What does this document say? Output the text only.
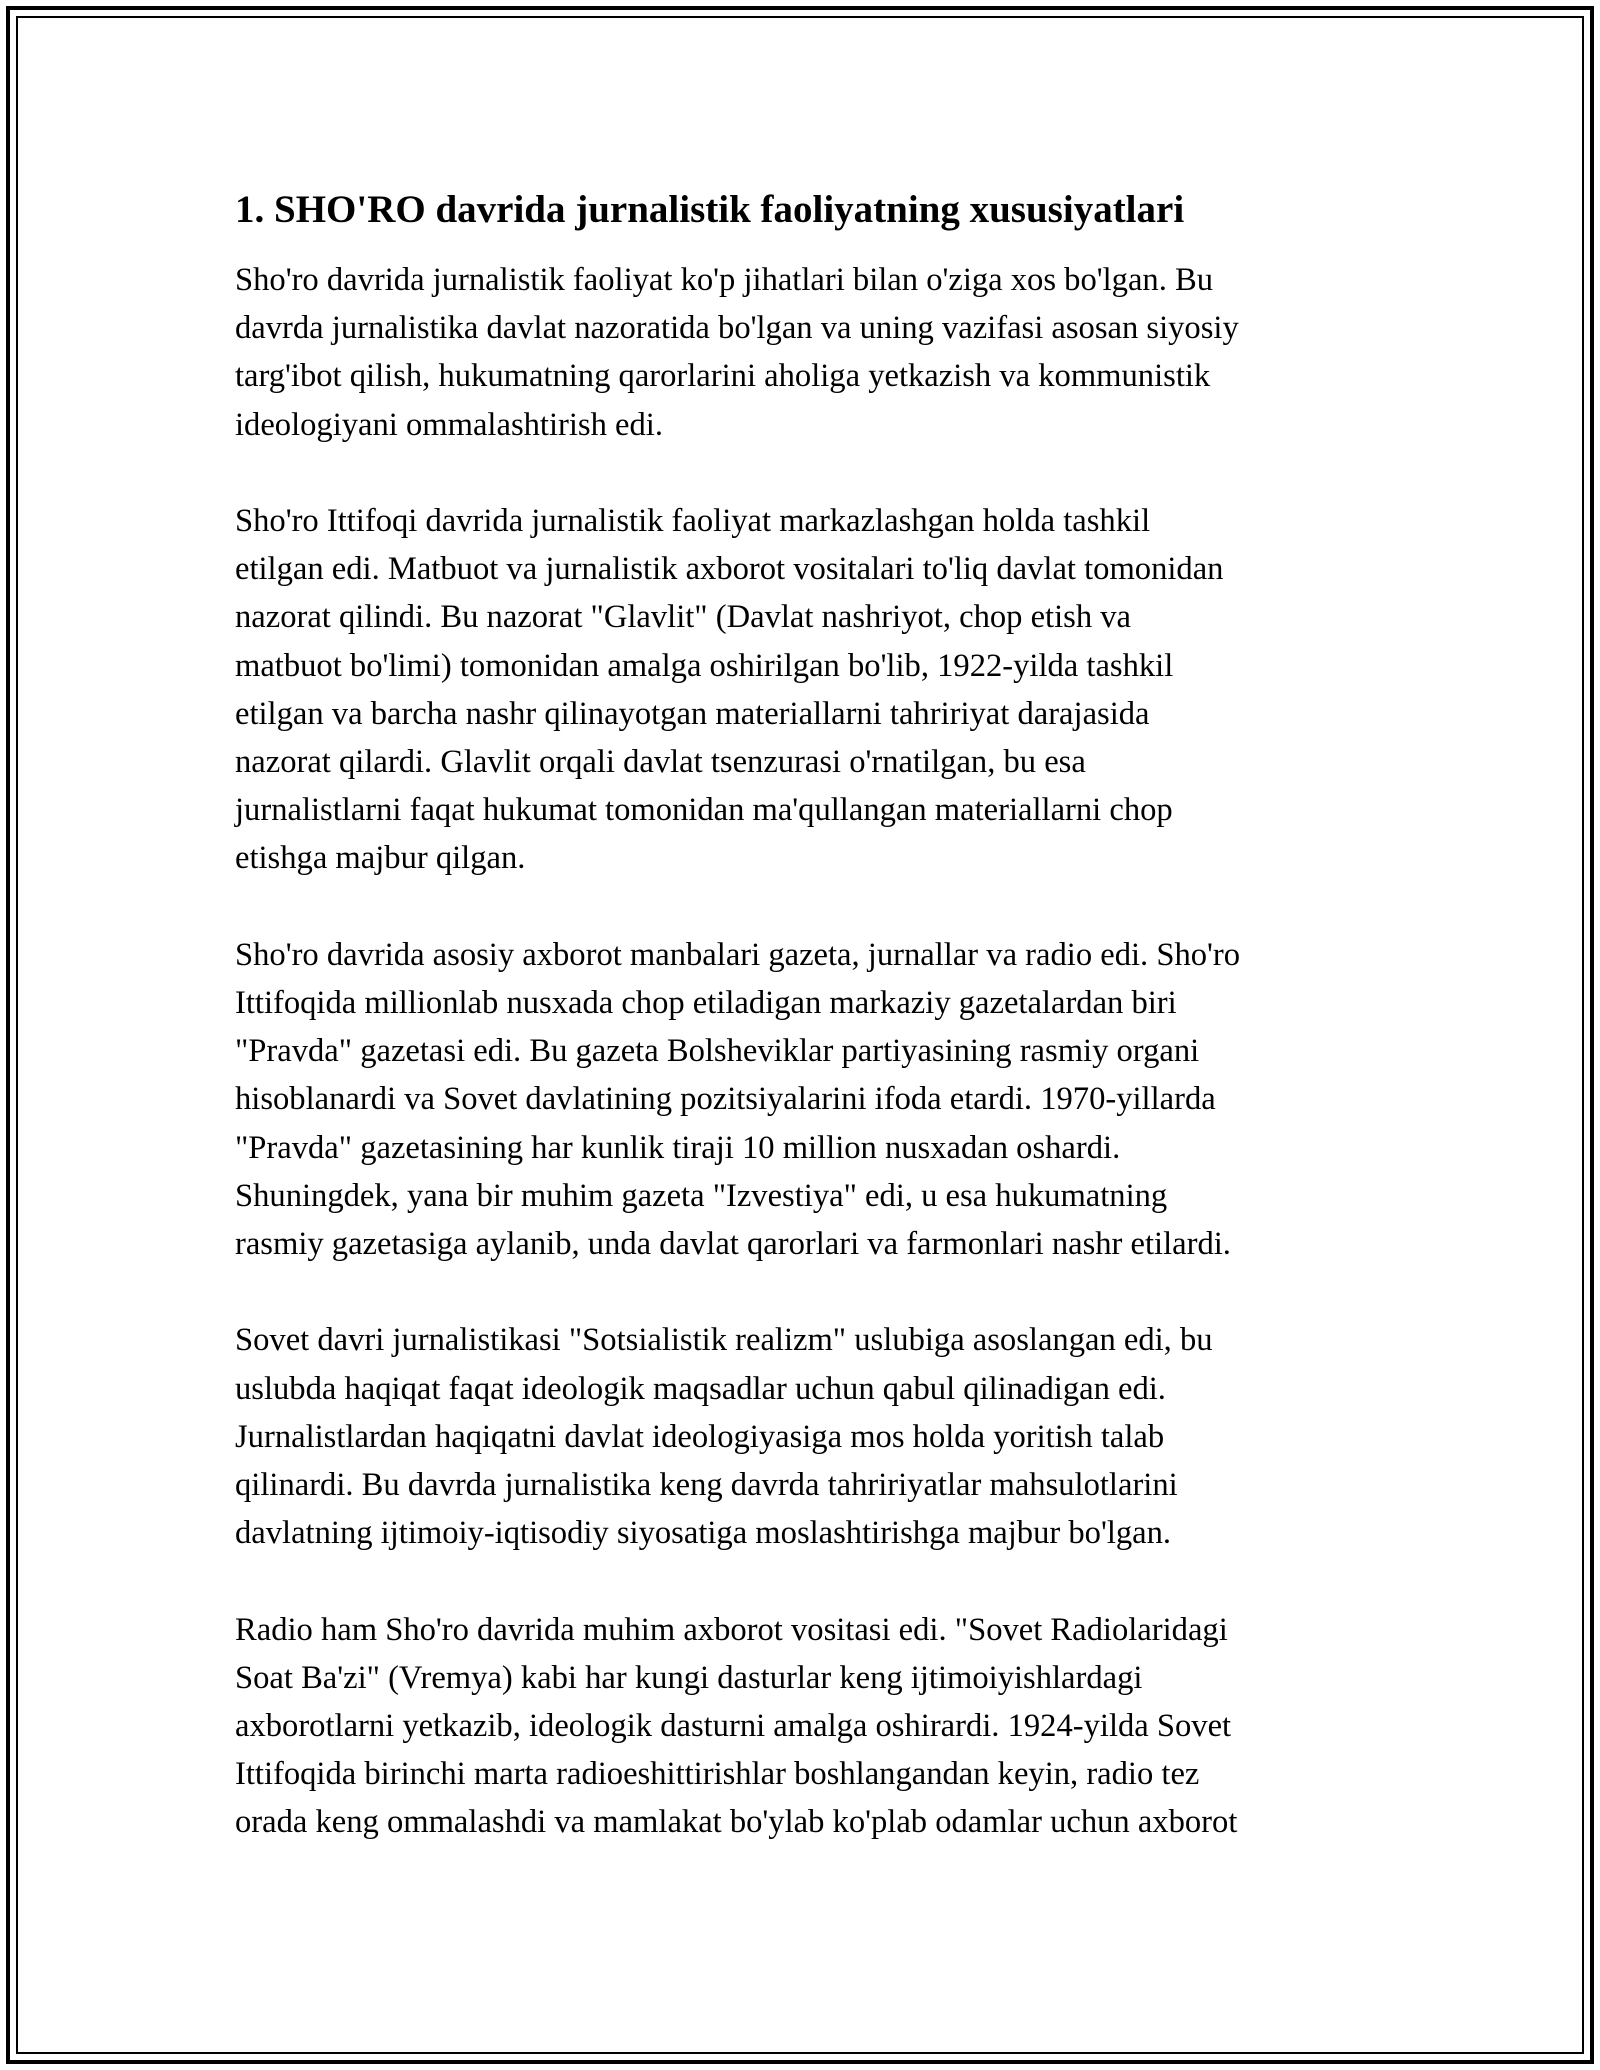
1. SHO'RO davrida jurnalistik faoliyatning xususiyatlari
Sho'ro davrida jurnalistik faoliyat ko'p jihatlari bilan o'ziga xos bo'lgan. Bu
davrda jurnalistika davlat nazoratida bo'lgan va uning vazifasi asosan siyosiy
targ'ibot qilish, hukumatning qarorlarini aholiga yetkazish va kommunistik
ideologiyani ommalashtirish edi.
Sho'ro Ittifoqi davrida jurnalistik faoliyat markazlashgan holda tashkil
etilgan edi. Matbuot va jurnalistik axborot vositalari to'liq davlat tomonidan
nazorat qilindi. Bu nazorat "Glavlit" (Davlat nashriyot, chop etish va
matbuot bo'limi) tomonidan amalga oshirilgan bo'lib, 1922-yilda tashkil
etilgan va barcha nashr qilinayotgan materiallarni tahririyat darajasida
nazorat qilardi. Glavlit orqali davlat tsenzurasi o'rnatilgan, bu esa
jurnalistlarni faqat hukumat tomonidan ma'qullangan materiallarni chop
etishga majbur qilgan.
Sho'ro davrida asosiy axborot manbalari gazeta, jurnallar va radio edi. Sho'ro
Ittifoqida millionlab nusxada chop etiladigan markaziy gazetalardan biri
"Pravda" gazetasi edi. Bu gazeta Bolsheviklar partiyasining rasmiy organi
hisoblanardi va Sovet davlatining pozitsiyalarini ifoda etardi. 1970-yillarda
"Pravda" gazetasining har kunlik tiraji 10 million nusxadan oshardi.
Shuningdek, yana bir muhim gazeta "Izvestiya" edi, u esa hukumatning
rasmiy gazetasiga aylanib, unda davlat qarorlari va farmonlari nashr etilardi.
Sovet davri jurnalistikasi "Sotsialistik realizm" uslubiga asoslangan edi, bu
uslubda haqiqat faqat ideologik maqsadlar uchun qabul qilinadigan edi.
Jurnalistlardan haqiqatni davlat ideologiyasiga mos holda yoritish talab
qilinardi. Bu davrda jurnalistika keng davrda tahririyatlar mahsulotlarini
davlatning ijtimoiy-iqtisodiy siyosatiga moslashtirishga majbur bo'lgan.
Radio ham Sho'ro davrida muhim axborot vositasi edi. "Sovet Radiolaridagi
Soat Ba'zi" (Vremya) kabi har kungi dasturlar keng ijtimoiyishlardagi
axborotlarni yetkazib, ideologik dasturni amalga oshirardi. 1924-yilda Sovet
Ittifoqida birinchi marta radioeshittirishlar boshlangandan keyin, radio tez
orada keng ommalashdi va mamlakat bo'ylab ko'plab odamlar uchun axborot
